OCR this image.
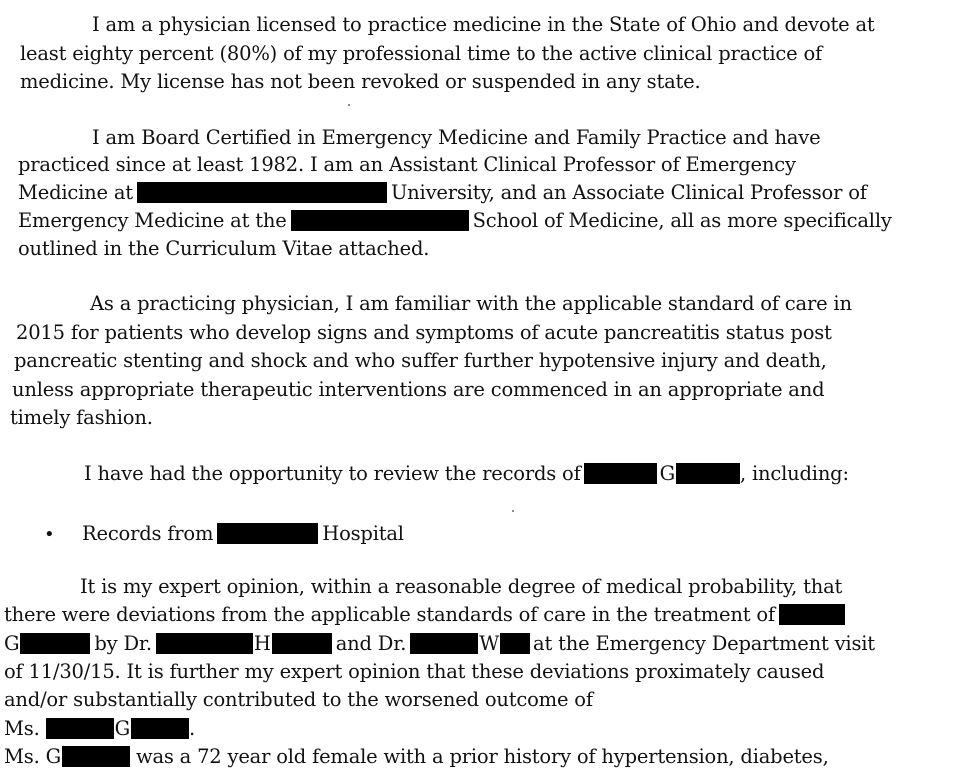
I am a physician licensed to practice medicine in the State of Ohio and devote at
least eighty percent (80%) of my professional time to the active clinical practice of
medicine. My license has not been revoked or suspended in any state.
I am Board Certified in Emergency Medicine and Family Practice and have
practiced since at least 1982. I am an Assistant Clinical Professor of Emergency
Medicine at	University, and an Associate Clinical Professor of
Emergency Medicine at the	School of Medicine, all as more specifically
outlined in the Curriculum Vitae attached.
As a practicing physician, I am familiar with the applicable standard of care in
2015 for patients who develop signs and symptoms of acute pancreatitis status post
pancreatic stenting and shock and who suffer further hypotensive injury and death,
unless appropriate therapeutic interventions are commenced in an appropriate and
timely fashion.
I have had the opportunity to review the records of	G	, including:
• Records from	Hospital
It is my expert opinion, within a reasonable degree of medical probability, that
there were deviations from the applicable standards of care in the treatment of
G	by Dr.	H	and Dr.	W at the Emergency Department visit
of 11/30/15. It is further my expert opinion that these deviations proximately caused
and/or substantially contributed to the worsened outcome of
Ms.	G	.
Ms. G	was a 72 year old female with a prior history of hypertension, diabetes,
